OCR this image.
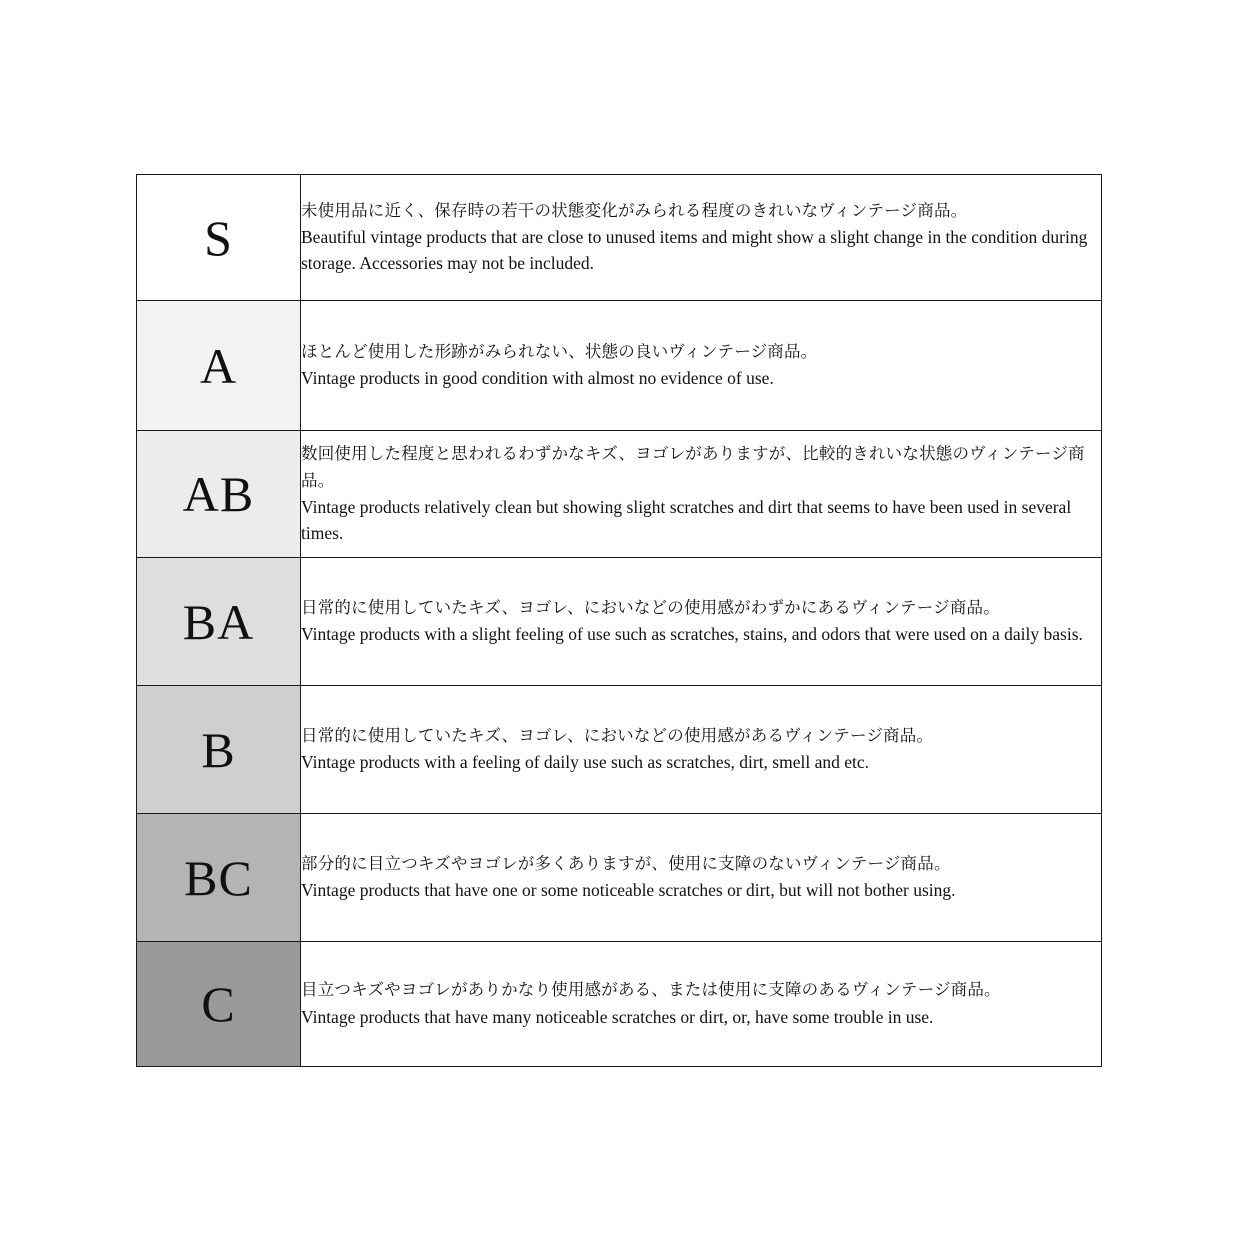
S	未使用品に近く、保存時の若干の状態変化がみられる程度のきれいなヴィンテージ商品。

Beautiful vintage products that are close to unused items and might show a slight change in the condition during storage. Accessories may not be included.

A	ほとんど使用した形跡がみられない、状態の良いヴィンテージ商品。

Vintage products in good condition with almost no evidence of use.

AB	数回使用した程度と思われるわずかなキズ、ヨゴレがありますが、比較的きれいな状態のヴィンテージ商品。

Vintage products relatively clean but showing slight scratches and dirt that seems to have been used in several times.

BA	日常的に使用していたキズ、ヨゴレ、においなどの使用感がわずかにあるヴィンテージ商品。

Vintage products with a slight feeling of use such as scratches, stains, and odors that were used on a daily basis.

B	日常的に使用していたキズ、ヨゴレ、においなどの使用感があるヴィンテージ商品。

Vintage products with a feeling of daily use such as scratches, dirt, smell and etc.

BC	部分的に目立つキズやヨゴレが多くありますが、使用に支障のないヴィンテージ商品。

Vintage products that have one or some noticeable scratches or dirt, but will not bother using.

C	目立つキズやヨゴレがありかなり使用感がある、または使用に支障のあるヴィンテージ商品。

Vintage products that have many noticeable scratches or dirt, or, have some trouble in use.
